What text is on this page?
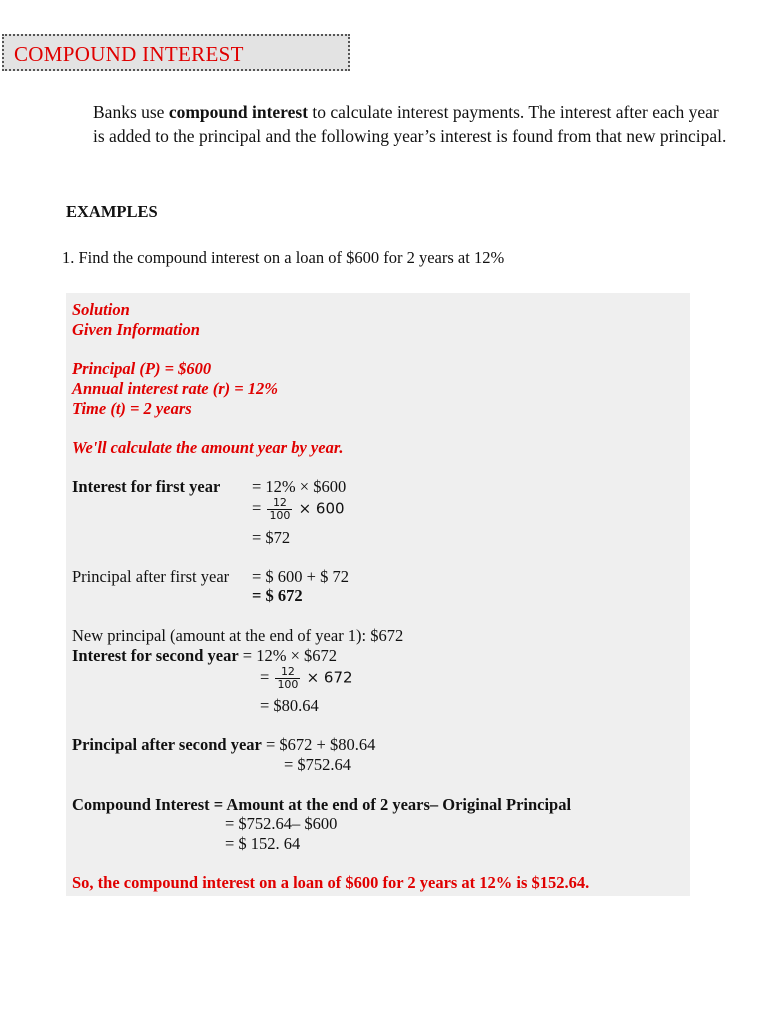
COMPOUND INTEREST
Banks use compound interest to calculate interest payments. The interest after each year is added to the principal and the following year’s interest is found from that new principal.
EXAMPLES
1. Find the compound interest on a loan of $600 for 2 years at 12%
Solution
Given Information
Principal (P) = $600
Annual interest rate (r) = 12%
Time (t) = 2 years
We'll calculate the amount year by year.
Interest for first year = 12% × $600
= $\frac{12}{100} \times 600$
= $72
Principal after first year = $ 600 + $ 72
= $ 672
New principal (amount at the end of year 1): $672
Interest for second year = 12% × $672
= $\frac{12}{100} \times 672$
= $80.64
Principal after second year = $672 + $80.64
= $752.64
Compound Interest = Amount at the end of 2 years– Original Principal
= $752.64– $600
= $ 152. 64
So, the compound interest on a loan of $600 for 2 years at 12% is $152.64.
